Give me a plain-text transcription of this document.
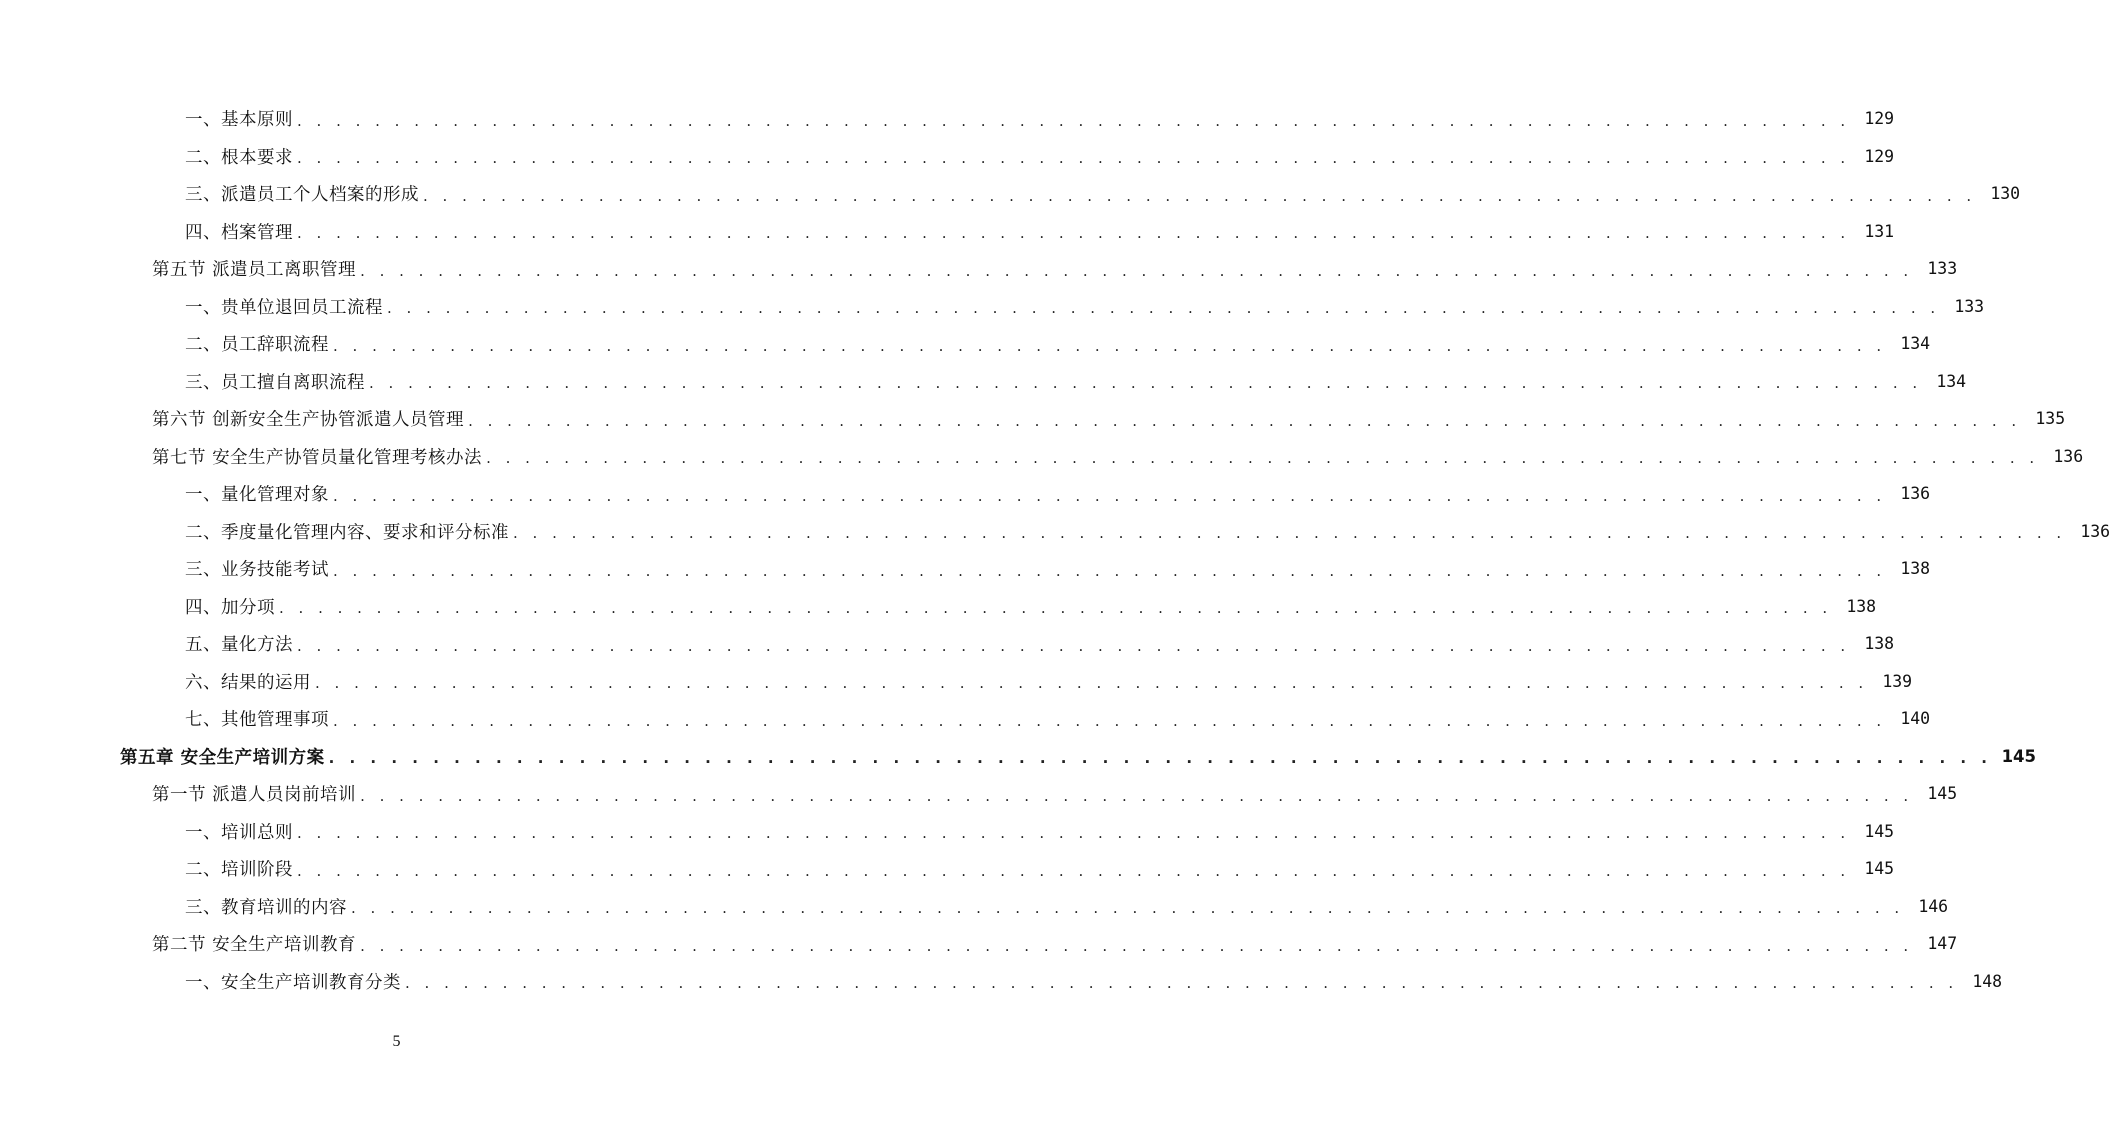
一、基本原则 . . . . . . . . . . . . . . . . . . . . . . . . . . . . . . . . . . . . . . . . . . . . . . . . . . . . . . . . . . . . . . . . . . . . . . . . . . . . . . . . 129
二、根本要求 . . . . . . . . . . . . . . . . . . . . . . . . . . . . . . . . . . . . . . . . . . . . . . . . . . . . . . . . . . . . . . . . . . . . . . . . . . . . . . . . 129
三、派遣员工个人档案的形成 . . . . . . . . . . . . . . . . . . . . . . . . . . . . . . . . . . . . . . . . . . . . . . . . . . . . . . . . . . . . . . . . . . . . . . . . . . . . . . . . 130
四、档案管理 . . . . . . . . . . . . . . . . . . . . . . . . . . . . . . . . . . . . . . . . . . . . . . . . . . . . . . . . . . . . . . . . . . . . . . . . . . . . . . . . 131
第五节 派遣员工离职管理 . . . . . . . . . . . . . . . . . . . . . . . . . . . . . . . . . . . . . . . . . . . . . . . . . . . . . . . . . . . . . . . . . . . . . . . . . . . . . . . . 133
一、贵单位退回员工流程 . . . . . . . . . . . . . . . . . . . . . . . . . . . . . . . . . . . . . . . . . . . . . . . . . . . . . . . . . . . . . . . . . . . . . . . . . . . . . . . . 133
二、员工辞职流程 . . . . . . . . . . . . . . . . . . . . . . . . . . . . . . . . . . . . . . . . . . . . . . . . . . . . . . . . . . . . . . . . . . . . . . . . . . . . . . . . 134
三、员工擅自离职流程 . . . . . . . . . . . . . . . . . . . . . . . . . . . . . . . . . . . . . . . . . . . . . . . . . . . . . . . . . . . . . . . . . . . . . . . . . . . . . . . . 134
第六节 创新安全生产协管派遣人员管理 . . . . . . . . . . . . . . . . . . . . . . . . . . . . . . . . . . . . . . . . . . . . . . . . . . . . . . . . . . . . . . . . . . . . . . . . . . . . . . . . 135
第七节 安全生产协管员量化管理考核办法 . . . . . . . . . . . . . . . . . . . . . . . . . . . . . . . . . . . . . . . . . . . . . . . . . . . . . . . . . . . . . . . . . . . . . . . . . . . . . . . . 136
一、量化管理对象 . . . . . . . . . . . . . . . . . . . . . . . . . . . . . . . . . . . . . . . . . . . . . . . . . . . . . . . . . . . . . . . . . . . . . . . . . . . . . . . . 136
二、季度量化管理内容、要求和评分标准 . . . . . . . . . . . . . . . . . . . . . . . . . . . . . . . . . . . . . . . . . . . . . . . . . . . . . . . . . . . . . . . . . . . . . . . . . . . . . . . . 136
三、业务技能考试 . . . . . . . . . . . . . . . . . . . . . . . . . . . . . . . . . . . . . . . . . . . . . . . . . . . . . . . . . . . . . . . . . . . . . . . . . . . . . . . . 138
四、加分项 . . . . . . . . . . . . . . . . . . . . . . . . . . . . . . . . . . . . . . . . . . . . . . . . . . . . . . . . . . . . . . . . . . . . . . . . . . . . . . . . 138
五、量化方法 . . . . . . . . . . . . . . . . . . . . . . . . . . . . . . . . . . . . . . . . . . . . . . . . . . . . . . . . . . . . . . . . . . . . . . . . . . . . . . . . 138
六、结果的运用 . . . . . . . . . . . . . . . . . . . . . . . . . . . . . . . . . . . . . . . . . . . . . . . . . . . . . . . . . . . . . . . . . . . . . . . . . . . . . . . . 139
七、其他管理事项 . . . . . . . . . . . . . . . . . . . . . . . . . . . . . . . . . . . . . . . . . . . . . . . . . . . . . . . . . . . . . . . . . . . . . . . . . . . . . . . . 140
第五章 安全生产培训方案 . . . . . . . . . . . . . . . . . . . . . . . . . . . . . . . . . . . . . . . . . . . . . . . . . . . . . . . . . . . . . . . . . . . . . . . . . . . . . . . . 145
第一节 派遣人员岗前培训 . . . . . . . . . . . . . . . . . . . . . . . . . . . . . . . . . . . . . . . . . . . . . . . . . . . . . . . . . . . . . . . . . . . . . . . . . . . . . . . . 145
一、培训总则 . . . . . . . . . . . . . . . . . . . . . . . . . . . . . . . . . . . . . . . . . . . . . . . . . . . . . . . . . . . . . . . . . . . . . . . . . . . . . . . . 145
二、培训阶段 . . . . . . . . . . . . . . . . . . . . . . . . . . . . . . . . . . . . . . . . . . . . . . . . . . . . . . . . . . . . . . . . . . . . . . . . . . . . . . . . 145
三、教育培训的内容 . . . . . . . . . . . . . . . . . . . . . . . . . . . . . . . . . . . . . . . . . . . . . . . . . . . . . . . . . . . . . . . . . . . . . . . . . . . . . . . . 146
第二节 安全生产培训教育 . . . . . . . . . . . . . . . . . . . . . . . . . . . . . . . . . . . . . . . . . . . . . . . . . . . . . . . . . . . . . . . . . . . . . . . . . . . . . . . . 147
一、安全生产培训教育分类 . . . . . . . . . . . . . . . . . . . . . . . . . . . . . . . . . . . . . . . . . . . . . . . . . . . . . . . . . . . . . . . . . . . . . . . . . . . . . . . . 148
5
